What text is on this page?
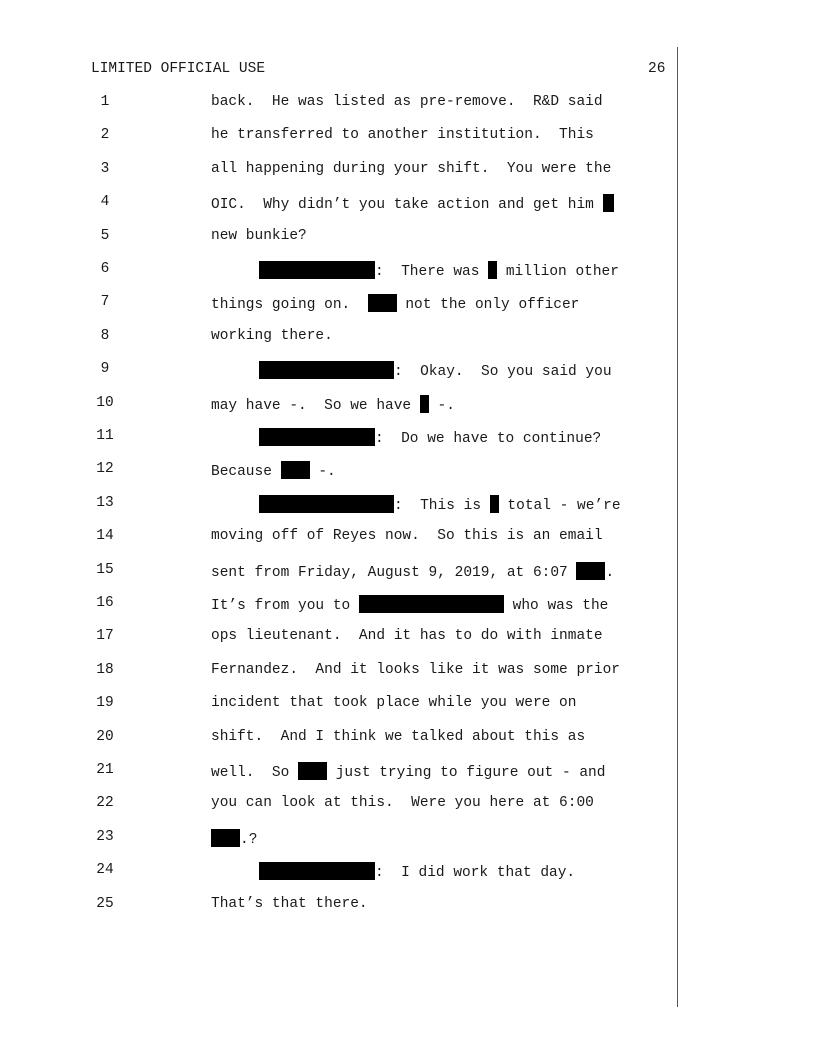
LIMITED OFFICIAL USE	26
1	back.  He was listed as pre-remove.  R&D said
2	he transferred to another institution.  This
3	all happening during your shift.  You were the
4	OIC.  Why didn’t you take action and get him
5	new bunkie?
6	:  There was  million other
7	things going on.   not the only officer
8	working there.
9	:  Okay.  So you said you
10	may have -.  So we have  -.
11	:  Do we have to continue?
12	Because  -.
13	:  This is  total - we’re
14	moving off of Reyes now.  So this is an email
15	sent from Friday, August 9, 2019, at 6:07 .
16	It’s from you to	who was the
17	ops lieutenant.  And it has to do with inmate
18	Fernandez.  And it looks like it was some prior
19	incident that took place while you were on
20	shift.  And I think we talked about this as
21	well.  So  just trying to figure out - and
22	you can look at this.  Were you here at 6:00
23	.?
24	:  I did work that day.
25	That’s that there.
